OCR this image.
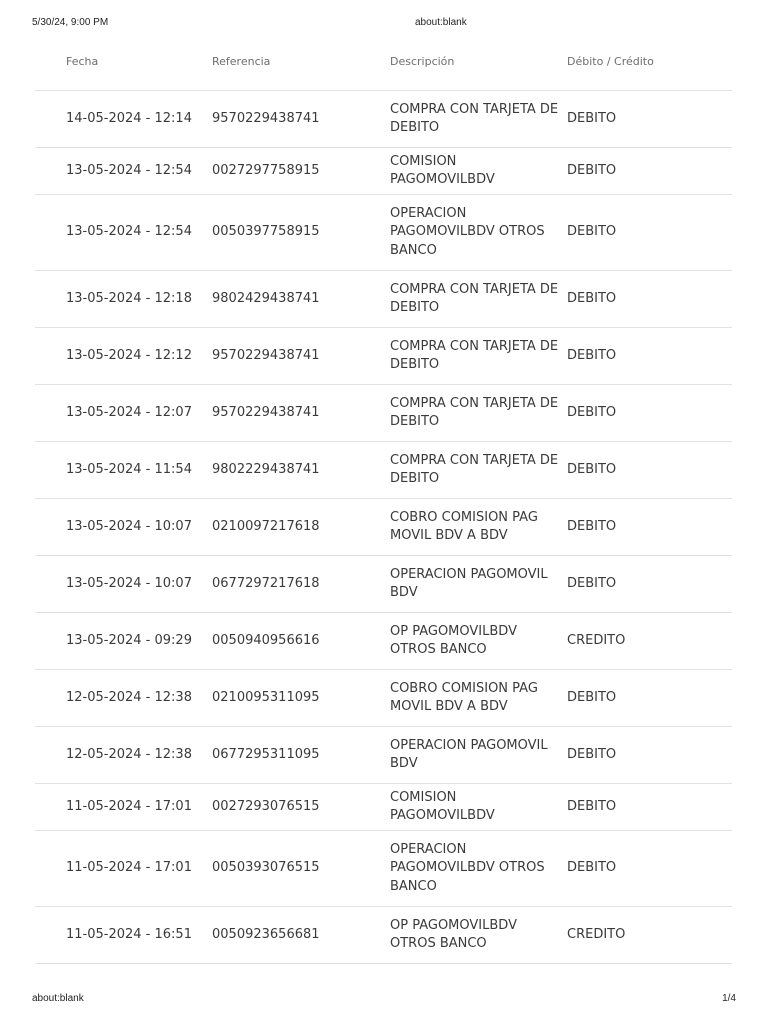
5/30/24, 9:00 PM	about:blank
Fecha	Referencia	Descripción	Débito / Crédito
14-05-2024 - 12:14	9570229438741	COMPRA CON TARJETA DE DEBITO	DEBITO
13-05-2024 - 12:54	0027297758915	COMISION PAGOMOVILBDV	DEBITO
13-05-2024 - 12:54	0050397758915	OPERACION PAGOMOVILBDV OTROS BANCO	DEBITO
13-05-2024 - 12:18	9802429438741	COMPRA CON TARJETA DE DEBITO	DEBITO
13-05-2024 - 12:12	9570229438741	COMPRA CON TARJETA DE DEBITO	DEBITO
13-05-2024 - 12:07	9570229438741	COMPRA CON TARJETA DE DEBITO	DEBITO
13-05-2024 - 11:54	9802229438741	COMPRA CON TARJETA DE DEBITO	DEBITO
13-05-2024 - 10:07	0210097217618	COBRO COMISION PAG MOVIL BDV A BDV	DEBITO
13-05-2024 - 10:07	0677297217618	OPERACION PAGOMOVIL BDV	DEBITO
13-05-2024 - 09:29	0050940956616	OP PAGOMOVILBDV OTROS BANCO	CREDITO
12-05-2024 - 12:38	0210095311095	COBRO COMISION PAG MOVIL BDV A BDV	DEBITO
12-05-2024 - 12:38	0677295311095	OPERACION PAGOMOVIL BDV	DEBITO
11-05-2024 - 17:01	0027293076515	COMISION PAGOMOVILBDV	DEBITO
11-05-2024 - 17:01	0050393076515	OPERACION PAGOMOVILBDV OTROS BANCO	DEBITO
11-05-2024 - 16:51	0050923656681	OP PAGOMOVILBDV OTROS BANCO	CREDITO
about:blank	1/4
